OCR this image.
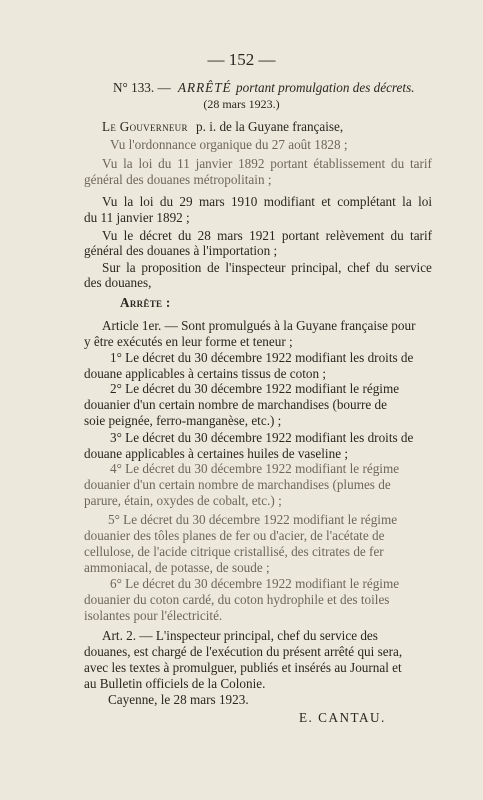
— 152 —
N° 133. — ARRÊTÉ portant promulgation des décrets.
(28 mars 1923.)
Le Gouverneur p. i. de la Guyane française,
Vu l'ordonnance organique du 27 août 1828 ;
Vu la loi du 11 janvier 1892 portant établissement du tarif
général des douanes métropolitain ;
Vu la loi du 29 mars 1910 modifiant et complétant la loi
du 11 janvier 1892 ;
Vu le décret du 28 mars 1921 portant relèvement du tarif
général des douanes à l'importation ;
Sur la proposition de l'inspecteur principal, chef du service
des douanes,
Arrête :
Article 1er. — Sont promulgués à la Guyane française pour
y être exécutés en leur forme et teneur ;
1° Le décret du 30 décembre 1922 modifiant les droits de
douane applicables à certains tissus de coton ;
2° Le décret du 30 décembre 1922 modifiant le régime
douanier d'un certain nombre de marchandises (bourre de
soie peignée, ferro-manganèse, etc.) ;
3° Le décret du 30 décembre 1922 modifiant les droits de
douane applicables à certaines huiles de vaseline ;
4° Le décret du 30 décembre 1922 modifiant le régime
douanier d'un certain nombre de marchandises (plumes de
parure, étain, oxydes de cobalt, etc.) ;
5° Le décret du 30 décembre 1922 modifiant le régime
douanier des tôles planes de fer ou d'acier, de l'acétate de
cellulose, de l'acide citrique cristallisé, des citrates de fer
ammoniacal, de potasse, de soude ;
6° Le décret du 30 décembre 1922 modifiant le régime
douanier du coton cardé, du coton hydrophile et des toiles
isolantes pour l'électricité.
Art. 2. — L'inspecteur principal, chef du service des
douanes, est chargé de l'exécution du présent arrêté qui sera,
avec les textes à promulguer, publiés et insérés au Journal et
au Bulletin officiels de la Colonie.
Cayenne, le 28 mars 1923.
E. CANTAU.
